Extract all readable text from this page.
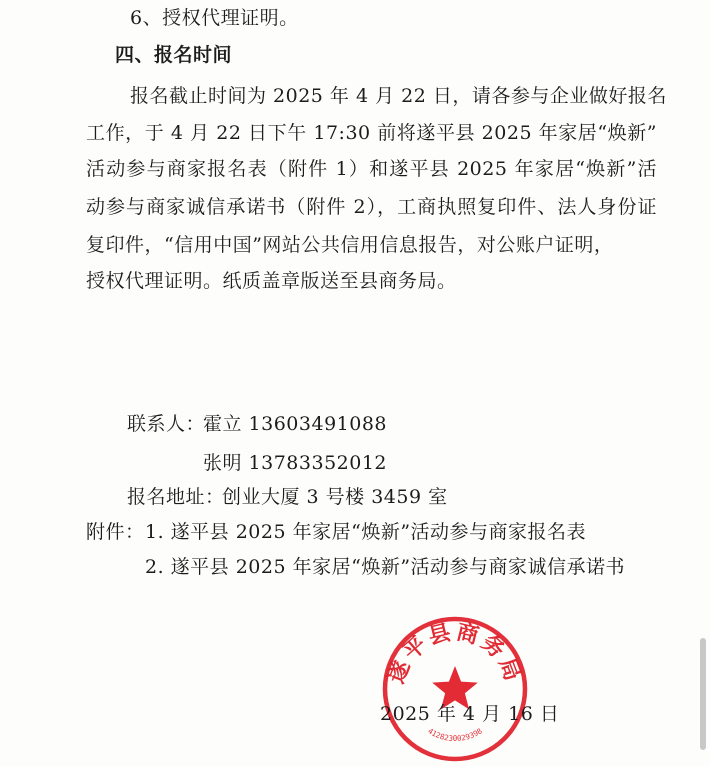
6、授权代理证明。
四、报名时间
报名截止时间为 2025 年 4 月 22 日，请各参与企业做好报名
工作，于 4 月 22 日下午 17:30 前将遂平县 2025 年家居“焕新”
活动参与商家报名表（附件 1）和遂平县 2025 年家居“焕新”活
动参与商家诚信承诺书（附件 2），工商执照复印件、法人身份证
复印件，“信用中国”网站公共信用信息报告，对公账户证明，
授权代理证明。纸质盖章版送至县商务局。
联系人：
霍立 13603491088
张明 13783352012
报名地址：
创业大厦 3 号楼 3459 室
附件： 1. 遂平县 2025 年家居“焕新”活动参与商家报名表
2. 遂平县 2025 年家居“焕新”活动参与商家诚信承诺书
遂平县商务局
4128230029398
2025 年 4 月 16 日
